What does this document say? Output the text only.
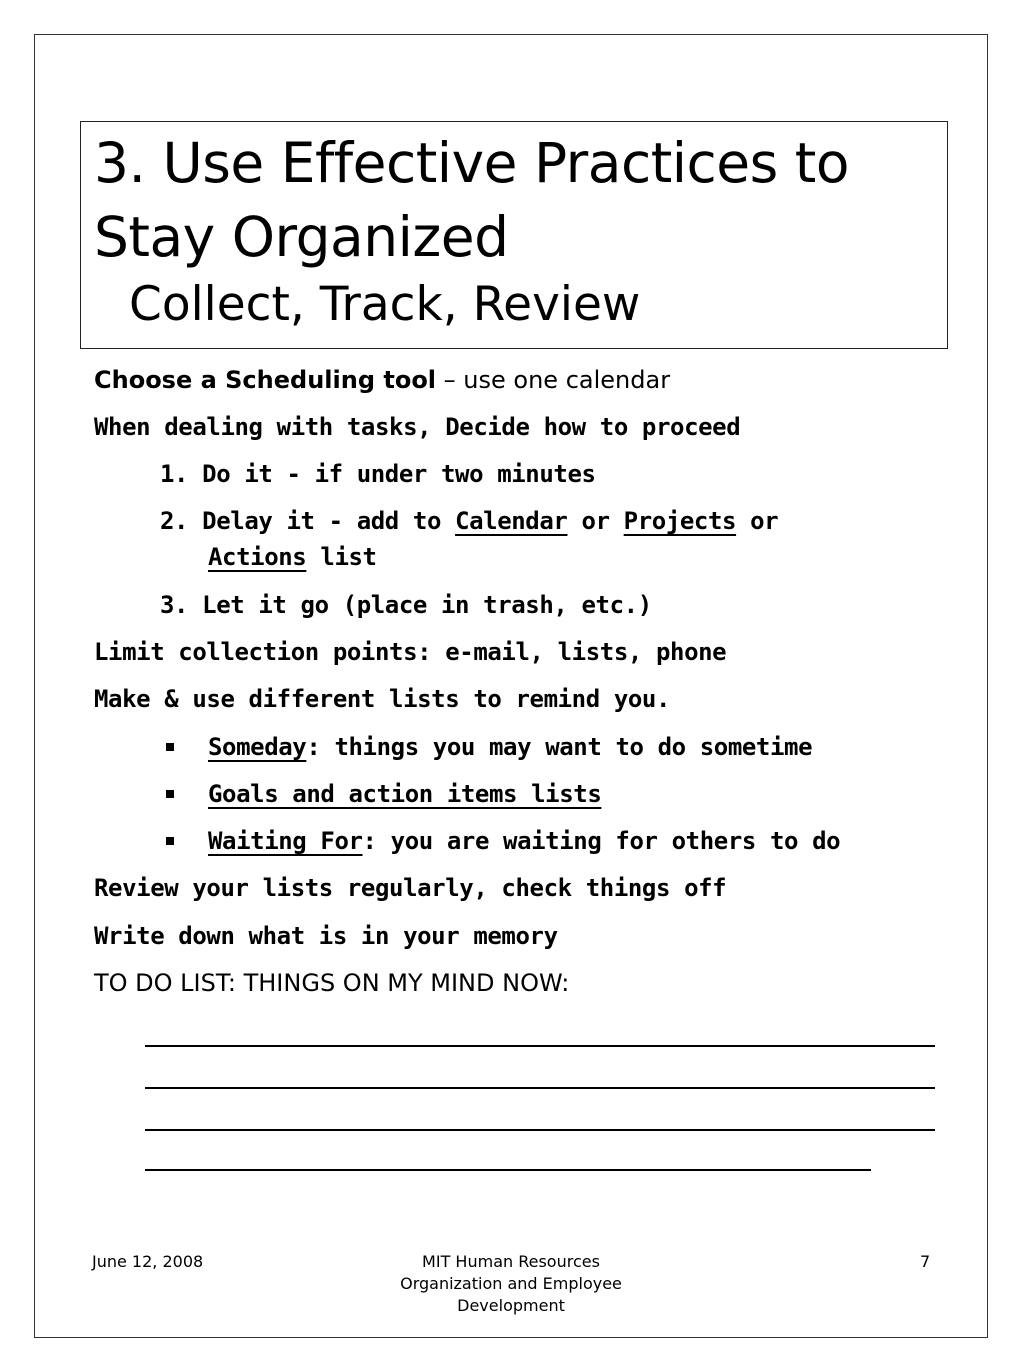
3. Use Effective Practices to Stay Organized
Collect, Track, Review
Choose a Scheduling tool – use one calendar
When dealing with tasks, Decide how to proceed
1. Do it - if under two minutes
2. Delay it - add to Calendar or Projects or
Actions list
3. Let it go (place in trash, etc.)
Limit collection points: e-mail, lists, phone
Make & use different lists to remind you.
Someday: things you may want to do sometime
Goals and action items lists
Waiting For: you are waiting for others to do
Review your lists regularly, check things off
Write down what is in your memory
TO DO LIST: THINGS ON MY MIND NOW:
June 12, 2008	MIT Human Resources
Organization and Employee
Development
7
